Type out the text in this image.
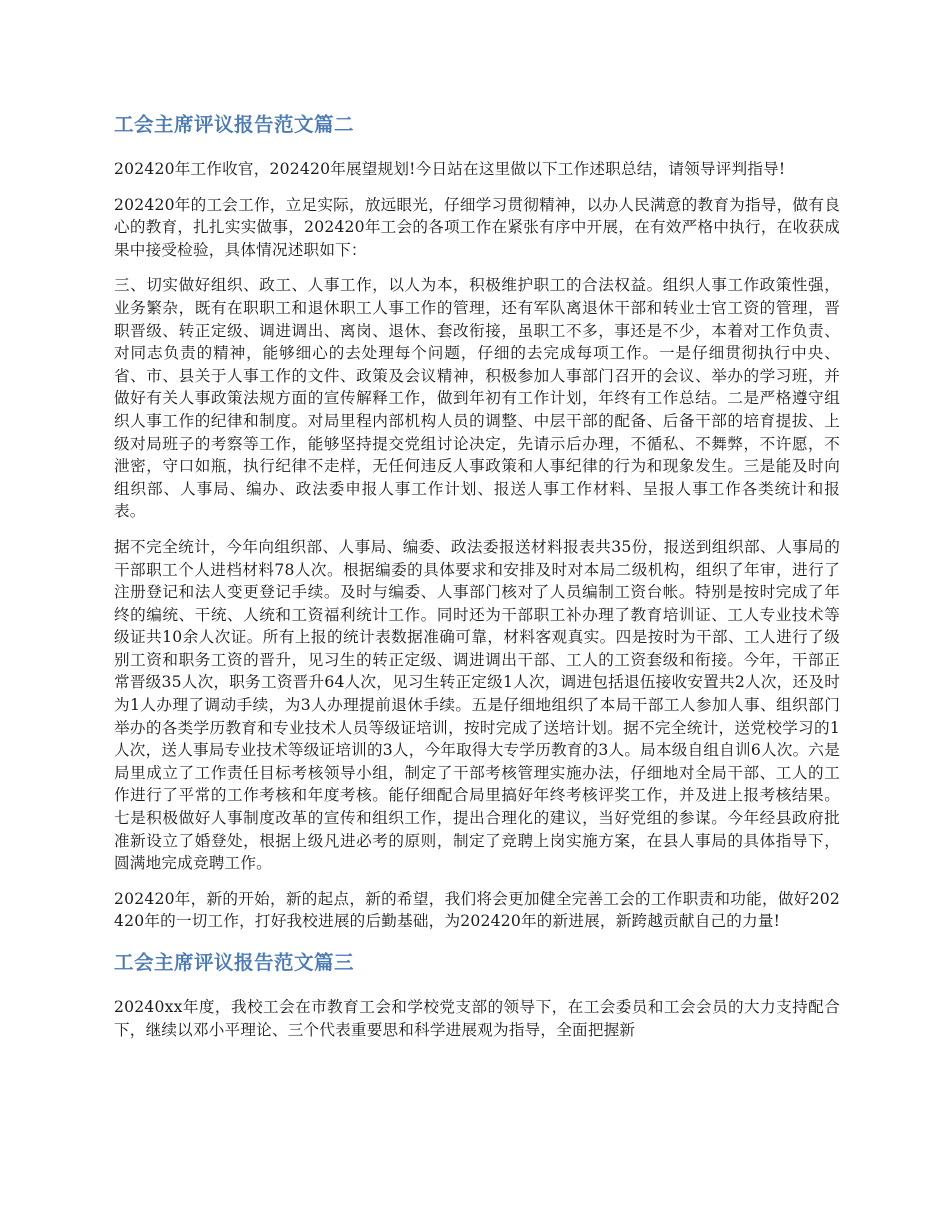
工会主席评议报告范文篇二

202420年工作收官，202420年展望规划!今日站在这里做以下工作述职总结，请领导评判指导!

202420年的工会工作，立足实际，放远眼光，仔细学习贯彻精神，以办人民满意的教育为指导，做有良心的教育，扎扎实实做事，202420年工会的各项工作在紧张有序中开展，在有效严格中执行，在收获成果中接受检验，具体情况述职如下：

三、切实做好组织、政工、人事工作，以人为本，积极维护职工的合法权益。组织人事工作政策性强，业务繁杂，既有在职职工和退休职工人事工作的管理，还有军队离退休干部和转业士官工资的管理，晋职晋级、转正定级、调进调出、离岗、退休、套改衔接，虽职工不多，事还是不少，本着对工作负责、对同志负责的精神，能够细心的去处理每个问题，仔细的去完成每项工作。一是仔细贯彻执行中央、省、市、县关于人事工作的文件、政策及会议精神，积极参加人事部门召开的会议、举办的学习班，并做好有关人事政策法规方面的宣传解释工作，做到年初有工作计划，年终有工作总结。二是严格遵守组织人事工作的纪律和制度。对局里程内部机构人员的调整、中层干部的配备、后备干部的培育提拔、上级对局班子的考察等工作，能够坚持提交党组讨论决定，先请示后办理，不循私、不舞弊，不许愿，不泄密，守口如瓶，执行纪律不走样，无任何违反人事政策和人事纪律的行为和现象发生。三是能及时向组织部、人事局、编办、政法委申报人事工作计划、报送人事工作材料、呈报人事工作各类统计和报表。

据不完全统计，今年向组织部、人事局、编委、政法委报送材料报表共35份，报送到组织部、人事局的干部职工个人进档材料78人次。根据编委的具体要求和安排及时对本局二级机构，组织了年审，进行了注册登记和法人变更登记手续。及时与编委、人事部门核对了人员编制工资台帐。特别是按时完成了年终的编统、干统、人统和工资福利统计工作。同时还为干部职工补办理了教育培训证、工人专业技术等级证共10余人次证。所有上报的统计表数据准确可靠，材料客观真实。四是按时为干部、工人进行了级别工资和职务工资的晋升，见习生的转正定级、调进调出干部、工人的工资套级和衔接。今年，干部正常晋级35人次，职务工资晋升64人次，见习生转正定级1人次，调进包括退伍接收安置共2人次，还及时为1人办理了调动手续，为3人办理提前退休手续。五是仔细地组织了本局干部工人参加人事、组织部门举办的各类学历教育和专业技术人员等级证培训，按时完成了送培计划。据不完全统计，送党校学习的1人次，送人事局专业技术等级证培训的3人，今年取得大专学历教育的3人。局本级自组自训6人次。六是局里成立了工作责任目标考核领导小组，制定了干部考核管理实施办法，仔细地对全局干部、工人的工作进行了平常的工作考核和年度考核。能仔细配合局里搞好年终考核评奖工作，并及进上报考核结果。七是积极做好人事制度改革的宣传和组织工作，提出合理化的建议，当好党组的参谋。今年经县政府批准新设立了婚登处，根据上级凡进必考的原则，制定了竞聘上岗实施方案，在县人事局的具体指导下，圆满地完成竞聘工作。

202420年，新的开始，新的起点，新的希望，我们将会更加健全完善工会的工作职责和功能，做好202420年的一切工作，打好我校进展的后勤基础，为202420年的新进展，新跨越贡献自己的力量!

工会主席评议报告范文篇三

20240xx年度，我校工会在市教育工会和学校党支部的领导下，在工会委员和工会会员的大力支持配合下，继续以邓小平理论、三个代表重要思和科学进展观为指导，全面把握新
